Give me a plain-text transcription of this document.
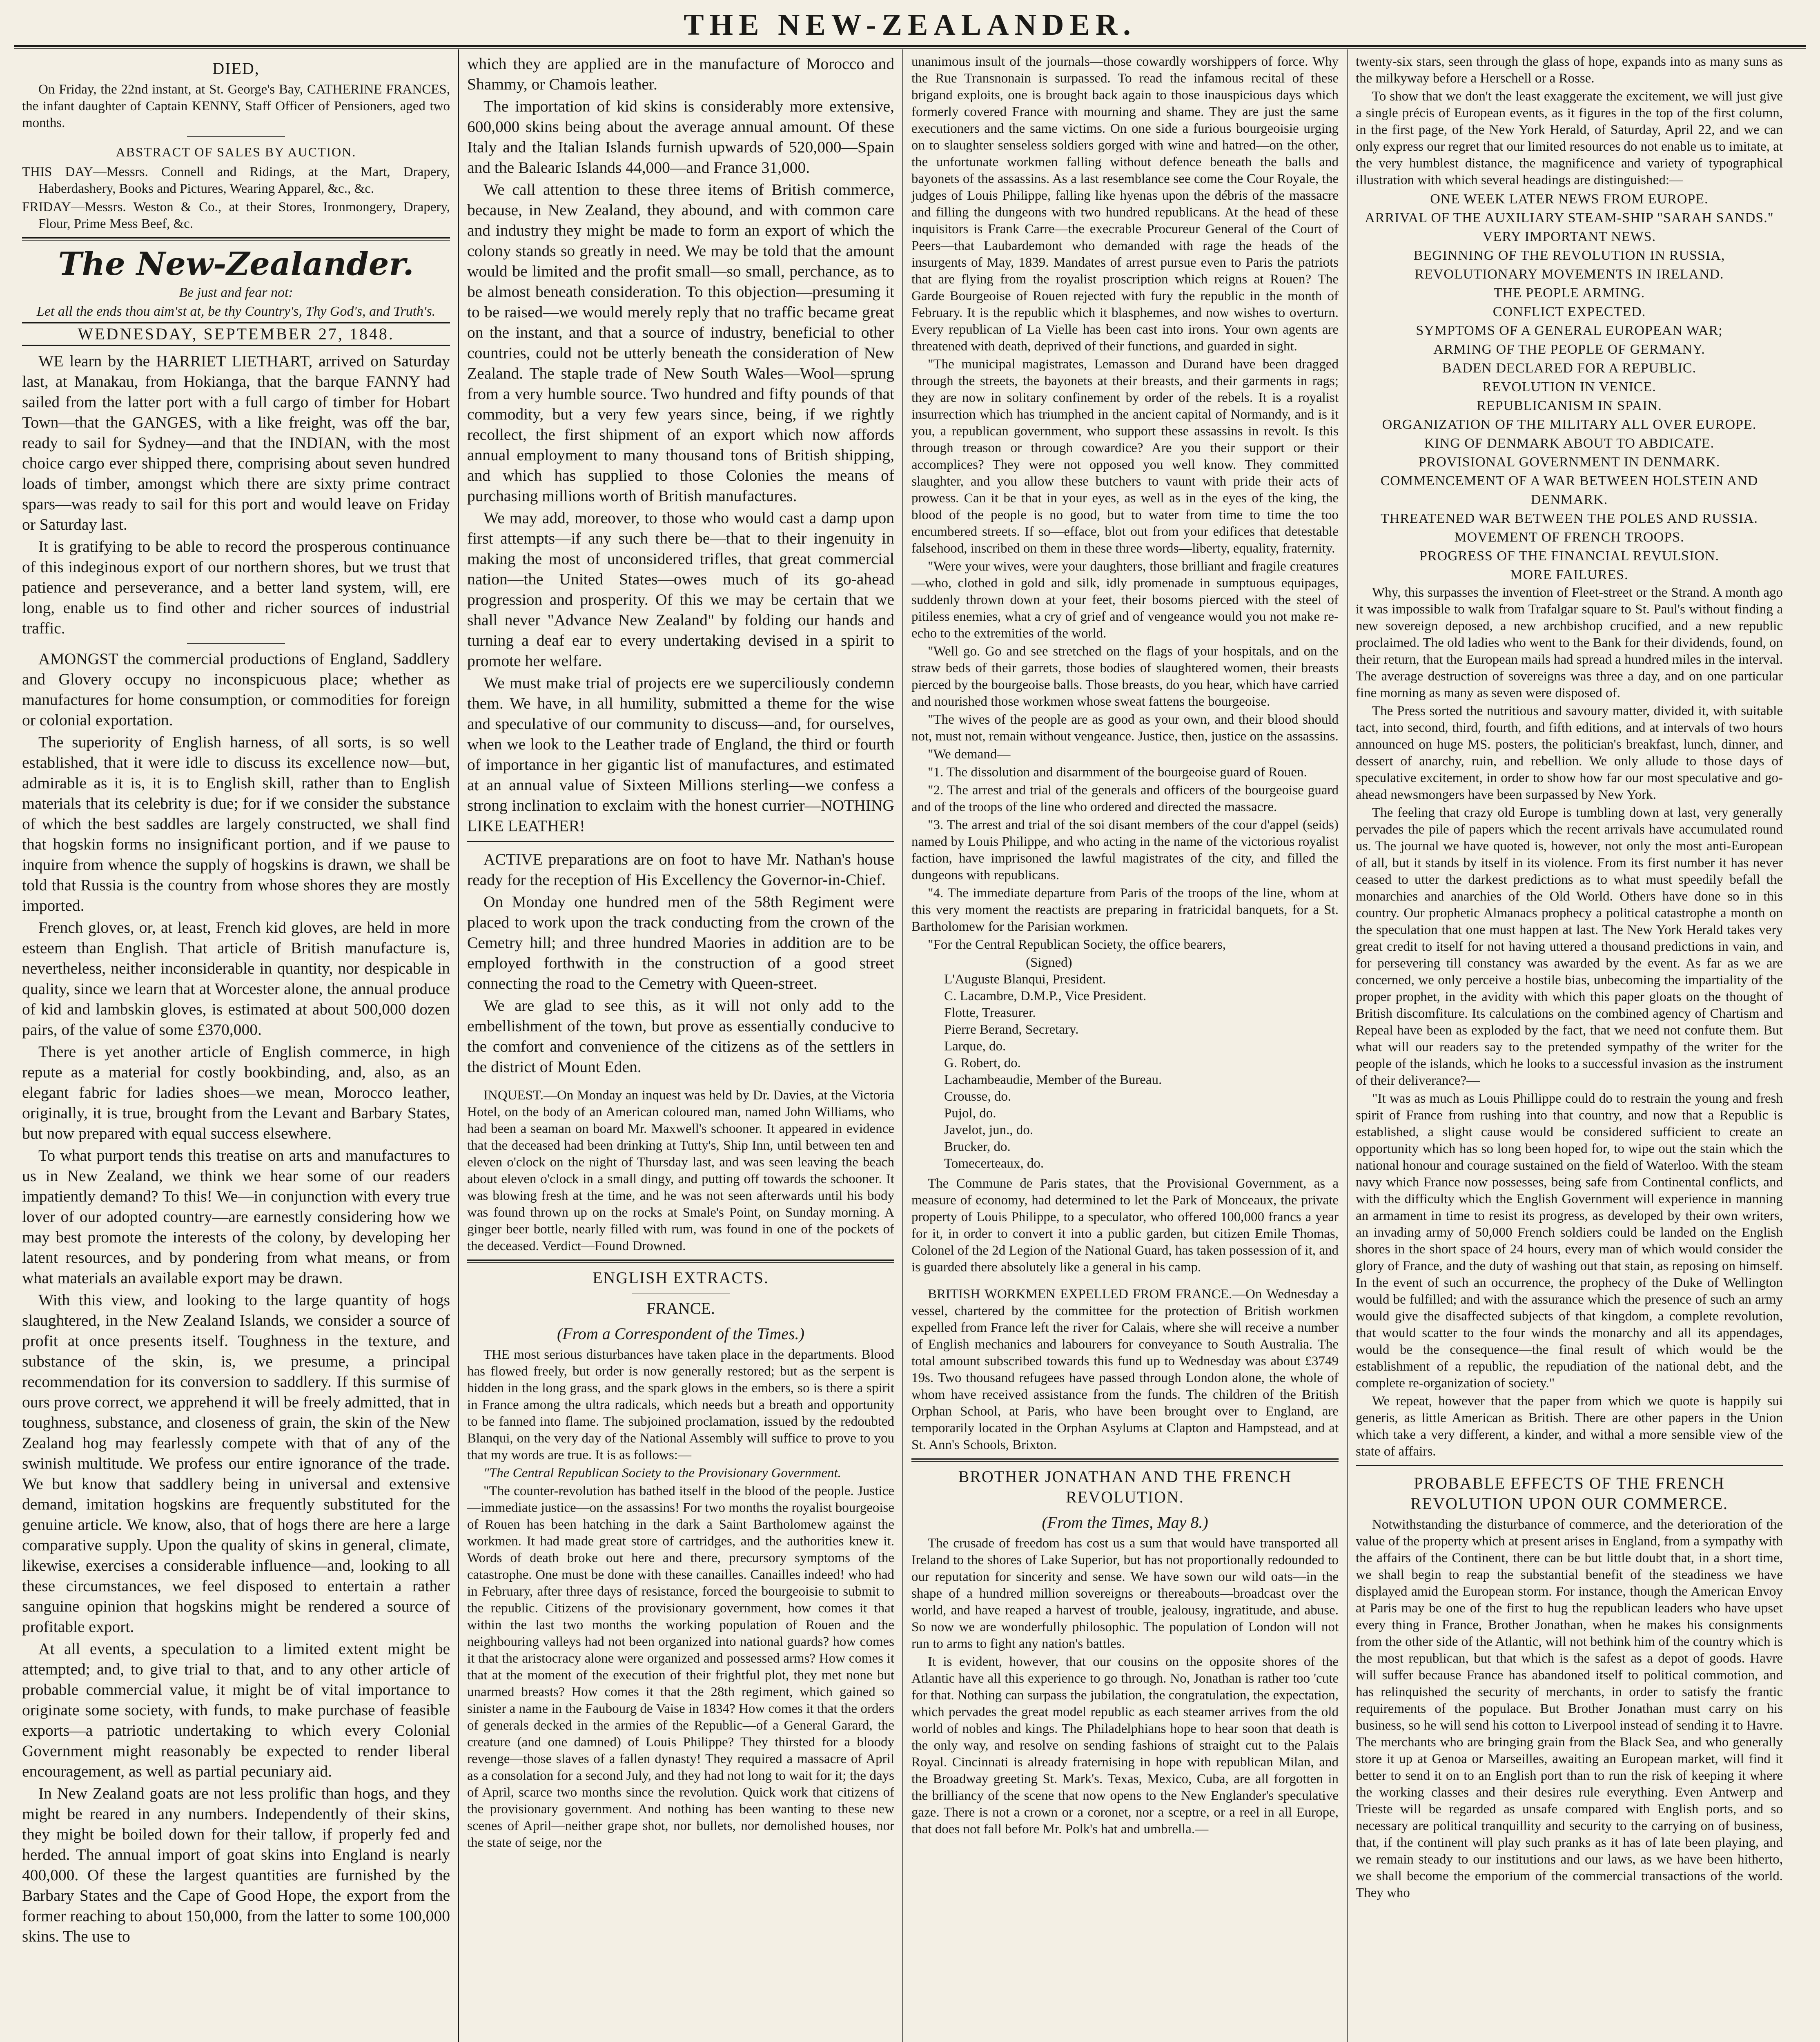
THE NEW-ZEALANDER.
DIED,

On Friday, the 22nd instant, at St. George's Bay, CATHERINE FRANCES, the infant daughter of Captain KENNY, Staff Officer of Pensioners, aged two months.

ABSTRACT OF SALES BY AUCTION.

THIS DAY—Messrs. Connell and Ridings, at the Mart, Drapery, Haberdashery, Books and Pictures, Wearing Apparel, &c., &c.

FRIDAY—Messrs. Weston & Co., at their Stores, Ironmongery, Drapery, Flour, Prime Mess Beef, &c.

The New-Zealander.
Be just and fear not:
Let all the ends thou aim'st at, be thy Country's, Thy God's, and Truth's.
WEDNESDAY, SEPTEMBER 27, 1848.

WE learn by the HARRIET LIETHART, arrived on Saturday last, at Manakau, from Hokianga, that the barque FANNY had sailed from the latter port with a full cargo of timber for Hobart Town—that the GANGES, with a like freight, was off the bar, ready to sail for Sydney—and that the INDIAN, with the most choice cargo ever shipped there, comprising about seven hundred loads of timber, amongst which there are sixty prime contract spars—was ready to sail for this port and would leave on Friday or Saturday last.

It is gratifying to be able to record the prosperous continuance of this indeginous export of our northern shores, but we trust that patience and perseverance, and a better land system, will, ere long, enable us to find other and richer sources of industrial traffic.

AMONGST the commercial productions of England, Saddlery and Glovery occupy no inconspicuous place; whether as manufactures for home consumption, or commodities for foreign or colonial exportation.

The superiority of English harness, of all sorts, is so well established, that it were idle to discuss its excellence now—but, admirable as it is, it is to English skill, rather than to English materials that its celebrity is due; for if we consider the substance of which the best saddles are largely constructed, we shall find that hogskin forms no insignificant portion, and if we pause to inquire from whence the supply of hogskins is drawn, we shall be told that Russia is the country from whose shores they are mostly imported.

French gloves, or, at least, French kid gloves, are held in more esteem than English. That article of British manufacture is, nevertheless, neither inconsiderable in quantity, nor despicable in quality, since we learn that at Worcester alone, the annual produce of kid and lambskin gloves, is estimated at about 500,000 dozen pairs, of the value of some £370,000.

There is yet another article of English commerce, in high repute as a material for costly bookbinding, and, also, as an elegant fabric for ladies shoes—we mean, Morocco leather, originally, it is true, brought from the Levant and Barbary States, but now prepared with equal success elsewhere.

To what purport tends this treatise on arts and manufactures to us in New Zealand, we think we hear some of our readers impatiently demand? To this! We—in conjunction with every true lover of our adopted country—are earnestly considering how we may best promote the interests of the colony, by developing her latent resources, and by pondering from what means, or from what materials an available export may be drawn.

With this view, and looking to the large quantity of hogs slaughtered, in the New Zealand Islands, we consider a source of profit at once presents itself. Toughness in the texture, and substance of the skin, is, we presume, a principal recommendation for its conversion to saddlery. If this surmise of ours prove correct, we apprehend it will be freely admitted, that in toughness, substance, and closeness of grain, the skin of the New Zealand hog may fearlessly compete with that of any of the swinish multitude. We profess our entire ignorance of the trade. We but know that saddlery being in universal and extensive demand, imitation hogskins are frequently substituted for the genuine article. We know, also, that of hogs there are here a large comparative supply. Upon the quality of skins in general, climate, likewise, exercises a considerable influence—and, looking to all these circumstances, we feel disposed to entertain a rather sanguine opinion that hogskins might be rendered a source of profitable export.

At all events, a speculation to a limited extent might be attempted; and, to give trial to that, and to any other article of probable commercial value, it might be of vital importance to originate some society, with funds, to make purchase of feasible exports—a patriotic undertaking to which every Colonial Government might reasonably be expected to render liberal encouragement, as well as partial pecuniary aid.

In New Zealand goats are not less prolific than hogs, and they might be reared in any numbers. Independently of their skins, they might be boiled down for their tallow, if properly fed and herded. The annual import of goat skins into England is nearly 400,000. Of these the largest quantities are furnished by the Barbary States and the Cape of Good Hope, the export from the former reaching to about 150,000, from the latter to some 100,000 skins. The use to

which they are applied are in the manufacture of Morocco and Shammy, or Chamois leather.

The importation of kid skins is considerably more extensive, 600,000 skins being about the average annual amount. Of these Italy and the Italian Islands furnish upwards of 520,000—Spain and the Balearic Islands 44,000—and France 31,000.

We call attention to these three items of British commerce, because, in New Zealand, they abound, and with common care and industry they might be made to form an export of which the colony stands so greatly in need. We may be told that the amount would be limited and the profit small—so small, perchance, as to be almost beneath consideration. To this objection—presuming it to be raised—we would merely reply that no traffic became great on the instant, and that a source of industry, beneficial to other countries, could not be utterly beneath the consideration of New Zealand. The staple trade of New South Wales—Wool—sprung from a very humble source. Two hundred and fifty pounds of that commodity, but a very few years since, being, if we rightly recollect, the first shipment of an export which now affords annual employment to many thousand tons of British shipping, and which has supplied to those Colonies the means of purchasing millions worth of British manufactures.

We may add, moreover, to those who would cast a damp upon first attempts—if any such there be—that to their ingenuity in making the most of unconsidered trifles, that great commercial nation—the United States—owes much of its go-ahead progression and prosperity. Of this we may be certain that we shall never "Advance New Zealand" by folding our hands and turning a deaf ear to every undertaking devised in a spirit to promote her welfare.

We must make trial of projects ere we superciliously condemn them. We have, in all humility, submitted a theme for the wise and speculative of our community to discuss—and, for ourselves, when we look to the Leather trade of England, the third or fourth of importance in her gigantic list of manufactures, and estimated at an annual value of Sixteen Millions sterling—we confess a strong inclination to exclaim with the honest currier—NOTHING LIKE LEATHER!

ACTIVE preparations are on foot to have Mr. Nathan's house ready for the reception of His Excellency the Governor-in-Chief.

On Monday one hundred men of the 58th Regiment were placed to work upon the track conducting from the crown of the Cemetry hill; and three hundred Maories in addition are to be employed forthwith in the construction of a good street connecting the road to the Cemetry with Queen-street.

We are glad to see this, as it will not only add to the embellishment of the town, but prove as essentially conducive to the comfort and convenience of the citizens as of the settlers in the district of Mount Eden.

INQUEST.—On Monday an inquest was held by Dr. Davies, at the Victoria Hotel, on the body of an American coloured man, named John Williams, who had been a seaman on board Mr. Maxwell's schooner. It appeared in evidence that the deceased had been drinking at Tutty's, Ship Inn, until between ten and eleven o'clock on the night of Thursday last, and was seen leaving the beach about eleven o'clock in a small dingy, and putting off towards the schooner. It was blowing fresh at the time, and he was not seen afterwards until his body was found thrown up on the rocks at Smale's Point, on Sunday morning. A ginger beer bottle, nearly filled with rum, was found in one of the pockets of the deceased. Verdict—Found Drowned.

ENGLISH EXTRACTS.
FRANCE.
(From a Correspondent of the Times.)

THE most serious disturbances have taken place in the departments. Blood has flowed freely, but order is now generally restored; but as the serpent is hidden in the long grass, and the spark glows in the embers, so is there a spirit in France among the ultra radicals, which needs but a breath and opportunity to be fanned into flame. The subjoined proclamation, issued by the redoubted Blanqui, on the very day of the National Assembly will suffice to prove to you that my words are true. It is as follows:—

"The Central Republican Society to the Provisionary Government.

"The counter-revolution has bathed itself in the blood of the people. Justice—immediate justice—on the assassins! For two months the royalist bourgeoise of Rouen has been hatching in the dark a Saint Bartholomew against the workmen. It had made great store of cartridges, and the authorities knew it. Words of death broke out here and there, precursory symptoms of the catastrophe. One must be done with these canailles. Canailles indeed! who had in February, after three days of resistance, forced the bourgeoisie to submit to the republic. Citizens of the provisionary government, how comes it that within the last two months the working population of Rouen and the neighbouring valleys had not been organized into national guards? how comes it that the aristocracy alone were organized and possessed arms? How comes it that at the moment of the execution of their frightful plot, they met none but unarmed breasts? How comes it that the 28th regiment, which gained so sinister a name in the Faubourg de Vaise in 1834? How comes it that the orders of generals decked in the armies of the Republic—of a General Garard, the creature (and one damned) of Louis Philippe? They thirsted for a bloody revenge—those slaves of a fallen dynasty! They required a massacre of April as a consolation for a second July, and they had not long to wait for it; the days of April, scarce two months since the revolution. Quick work that citizens of the provisionary government. And nothing has been wanting to these new scenes of April—neither grape shot, nor bullets, nor demolished houses, nor the state of seige, nor the

unanimous insult of the journals—those cowardly worshippers of force. Why the Rue Transnonain is surpassed. To read the infamous recital of these brigand exploits, one is brought back again to those inauspicious days which formerly covered France with mourning and shame. They are just the same executioners and the same victims. On one side a furious bourgeoisie urging on to slaughter senseless soldiers gorged with wine and hatred—on the other, the unfortunate workmen falling without defence beneath the balls and bayonets of the assassins. As a last resemblance see come the Cour Royale, the judges of Louis Philippe, falling like hyenas upon the débris of the massacre and filling the dungeons with two hundred republicans. At the head of these inquisitors is Frank Carre—the execrable Procureur General of the Court of Peers—that Laubardemont who demanded with rage the heads of the insurgents of May, 1839. Mandates of arrest pursue even to Paris the patriots that are flying from the royalist proscription which reigns at Rouen? The Garde Bourgeoise of Rouen rejected with fury the republic in the month of February. It is the republic which it blasphemes, and now wishes to overturn. Every republican of La Vielle has been cast into irons. Your own agents are threatened with death, deprived of their functions, and guarded in sight.

"The municipal magistrates, Lemasson and Durand have been dragged through the streets, the bayonets at their breasts, and their garments in rags; they are now in solitary confinement by order of the rebels. It is a royalist insurrection which has triumphed in the ancient capital of Normandy, and is it you, a republican government, who support these assassins in revolt. Is this through treason or through cowardice? Are you their support or their accomplices? They were not opposed you well know. They committed slaughter, and you allow these butchers to vaunt with pride their acts of prowess. Can it be that in your eyes, as well as in the eyes of the king, the blood of the people is no good, but to water from time to time the too encumbered streets. If so—efface, blot out from your edifices that detestable falsehood, inscribed on them in these three words—liberty, equality, fraternity.

"Were your wives, were your daughters, those brilliant and fragile creatures—who, clothed in gold and silk, idly promenade in sumptuous equipages, suddenly thrown down at your feet, their bosoms pierced with the steel of pitiless enemies, what a cry of grief and of vengeance would you not make re-echo to the extremities of the world.

"Well go. Go and see stretched on the flags of your hospitals, and on the straw beds of their garrets, those bodies of slaughtered women, their breasts pierced by the bourgeoise balls. Those breasts, do you hear, which have carried and nourished those workmen whose sweat fattens the bourgeoise.

"The wives of the people are as good as your own, and their blood should not, must not, remain without vengeance. Justice, then, justice on the assassins.

"We demand—

"1. The dissolution and disarmment of the bourgeoise guard of Rouen.

"2. The arrest and trial of the generals and officers of the bourgeoise guard and of the troops of the line who ordered and directed the massacre.

"3. The arrest and trial of the soi disant members of the cour d'appel (seids) named by Louis Philippe, and who acting in the name of the victorious royalist faction, have imprisoned the lawful magistrates of the city, and filled the dungeons with republicans.

"4. The immediate departure from Paris of the troops of the line, whom at this very moment the reactists are preparing in fratricidal banquets, for a St. Bartholomew for the Parisian workmen.

"For the Central Republican Society, the office bearers,

(Signed)
L'Auguste Blanqui, President.
C. Lacambre, D.M.P., Vice President.
Flotte, Treasurer.
Pierre Berand, Secretary.
Larque, do.
G. Robert, do.
Lachambeaudie, Member of the Bureau.
Crousse, do.
Pujol, do.
Javelot, jun., do.
Brucker, do.
Tomecerteaux, do.

The Commune de Paris states, that the Provisional Government, as a measure of economy, had determined to let the Park of Monceaux, the private property of Louis Philippe, to a speculator, who offered 100,000 francs a year for it, in order to convert it into a public garden, but citizen Emile Thomas, Colonel of the 2d Legion of the National Guard, has taken possession of it, and is guarded there absolutely like a general in his camp.

BRITISH WORKMEN EXPELLED FROM FRANCE.—On Wednesday a vessel, chartered by the committee for the protection of British workmen expelled from France left the river for Calais, where she will receive a number of English mechanics and labourers for conveyance to South Australia. The total amount subscribed towards this fund up to Wednesday was about £3749 19s. Two thousand refugees have passed through London alone, the whole of whom have received assistance from the funds. The children of the British Orphan School, at Paris, who have been brought over to England, are temporarily located in the Orphan Asylums at Clapton and Hampstead, and at St. Ann's Schools, Brixton.

BROTHER JONATHAN AND THE FRENCH REVOLUTION.
(From the Times, May 8.)

The crusade of freedom has cost us a sum that would have transported all Ireland to the shores of Lake Superior, but has not proportionally redounded to our reputation for sincerity and sense. We have sown our wild oats—in the shape of a hundred million sovereigns or thereabouts—broadcast over the world, and have reaped a harvest of trouble, jealousy, ingratitude, and abuse. So now we are wonderfully philosophic. The population of London will not run to arms to fight any nation's battles.

It is evident, however, that our cousins on the opposite shores of the Atlantic have all this experience to go through. No, Jonathan is rather too 'cute for that. Nothing can surpass the jubilation, the congratulation, the expectation, which pervades the great model republic as each steamer arrives from the old world of nobles and kings. The Philadelphians hope to hear soon that death is the only way, and resolve on sending fashions of straight cut to the Palais Royal. Cincinnati is already fraternising in hope with republican Milan, and the Broadway greeting St. Mark's. Texas, Mexico, Cuba, are all forgotten in the brilliancy of the scene that now opens to the New Englander's speculative gaze. There is not a crown or a coronet, nor a sceptre, or a reel in all Europe, that does not fall before Mr. Polk's hat and umbrella.—

twenty-six stars, seen through the glass of hope, expands into as many suns as the milkyway before a Herschell or a Rosse.

To show that we don't the least exaggerate the excitement, we will just give a single précis of European events, as it figures in the top of the first column, in the first page, of the New York Herald, of Saturday, April 22, and we can only express our regret that our limited resources do not enable us to imitate, at the very humblest distance, the magnificence and variety of typographical illustration with which several headings are distinguished:—

ONE WEEK LATER NEWS FROM EUROPE.
ARRIVAL OF THE AUXILIARY STEAM-SHIP "SARAH SANDS."
VERY IMPORTANT NEWS.
BEGINNING OF THE REVOLUTION IN RUSSIA,
REVOLUTIONARY MOVEMENTS IN IRELAND.
THE PEOPLE ARMING.
CONFLICT EXPECTED.
SYMPTOMS OF A GENERAL EUROPEAN WAR;
ARMING OF THE PEOPLE OF GERMANY.
BADEN DECLARED FOR A REPUBLIC.
REVOLUTION IN VENICE.
REPUBLICANISM IN SPAIN.
ORGANIZATION OF THE MILITARY ALL OVER EUROPE.
KING OF DENMARK ABOUT TO ABDICATE.
PROVISIONAL GOVERNMENT IN DENMARK.
COMMENCEMENT OF A WAR BETWEEN HOLSTEIN AND DENMARK.
THREATENED WAR BETWEEN THE POLES AND RUSSIA.
MOVEMENT OF FRENCH TROOPS.
PROGRESS OF THE FINANCIAL REVULSION.
MORE FAILURES.

Why, this surpasses the invention of Fleet-street or the Strand. A month ago it was impossible to walk from Trafalgar square to St. Paul's without finding a new sovereign deposed, a new archbishop crucified, and a new republic proclaimed. The old ladies who went to the Bank for their dividends, found, on their return, that the European mails had spread a hundred miles in the interval. The average destruction of sovereigns was three a day, and on one particular fine morning as many as seven were disposed of.

The Press sorted the nutritious and savoury matter, divided it, with suitable tact, into second, third, fourth, and fifth editions, and at intervals of two hours announced on huge MS. posters, the politician's breakfast, lunch, dinner, and dessert of anarchy, ruin, and rebellion. We only allude to those days of speculative excitement, in order to show how far our most speculative and go-ahead newsmongers have been surpassed by New York.

The feeling that crazy old Europe is tumbling down at last, very generally pervades the pile of papers which the recent arrivals have accumulated round us. The journal we have quoted is, however, not only the most anti-European of all, but it stands by itself in its violence. From its first number it has never ceased to utter the darkest predictions as to what must speedily befall the monarchies and anarchies of the Old World. Others have done so in this country. Our prophetic Almanacs prophecy a political catastrophe a month on the speculation that one must happen at last. The New York Herald takes very great credit to itself for not having uttered a thousand predictions in vain, and for persevering till constancy was awarded by the event. As far as we are concerned, we only perceive a hostile bias, unbecoming the impartiality of the proper prophet, in the avidity with which this paper gloats on the thought of British discomfiture. Its calculations on the combined agency of Chartism and Repeal have been as exploded by the fact, that we need not confute them. But what will our readers say to the pretended sympathy of the writer for the people of the islands, which he looks to a successful invasion as the instrument of their deliverance?—

"It was as much as Louis Phillippe could do to restrain the young and fresh spirit of France from rushing into that country, and now that a Republic is established, a slight cause would be considered sufficient to create an opportunity which has so long been hoped for, to wipe out the stain which the national honour and courage sustained on the field of Waterloo. With the steam navy which France now possesses, being safe from Continental conflicts, and with the difficulty which the English Government will experience in manning an armament in time to resist its progress, as developed by their own writers, an invading army of 50,000 French soldiers could be landed on the English shores in the short space of 24 hours, every man of which would consider the glory of France, and the duty of washing out that stain, as reposing on himself. In the event of such an occurrence, the prophecy of the Duke of Wellington would be fulfilled; and with the assurance which the presence of such an army would give the disaffected subjects of that kingdom, a complete revolution, that would scatter to the four winds the monarchy and all its appendages, would be the consequence—the final result of which would be the establishment of a republic, the repudiation of the national debt, and the complete re-organization of society."

We repeat, however that the paper from which we quote is happily sui generis, as little American as British. There are other papers in the Union which take a very different, a kinder, and withal a more sensible view of the state of affairs.

PROBABLE EFFECTS OF THE FRENCH REVOLUTION UPON OUR COMMERCE.

Notwithstanding the disturbance of commerce, and the deterioration of the value of the property which at present arises in England, from a sympathy with the affairs of the Continent, there can be but little doubt that, in a short time, we shall begin to reap the substantial benefit of the steadiness we have displayed amid the European storm. For instance, though the American Envoy at Paris may be one of the first to hug the republican leaders who have upset every thing in France, Brother Jonathan, when he makes his consignments from the other side of the Atlantic, will not bethink him of the country which is the most republican, but that which is the safest as a depot of goods. Havre will suffer because France has abandoned itself to political commotion, and has relinquished the security of merchants, in order to satisfy the frantic requirements of the populace. But Brother Jonathan must carry on his business, so he will send his cotton to Liverpool instead of sending it to Havre. The merchants who are bringing grain from the Black Sea, and who generally store it up at Genoa or Marseilles, awaiting an European market, will find it better to send it on to an English port than to run the risk of keeping it where the working classes and their desires rule everything. Even Antwerp and Trieste will be regarded as unsafe compared with English ports, and so necessary are political tranquillity and security to the carrying on of business, that, if the continent will play such pranks as it has of late been playing, and we remain steady to our institutions and our laws, as we have been hitherto, we shall become the emporium of the commercial transactions of the world. They who
